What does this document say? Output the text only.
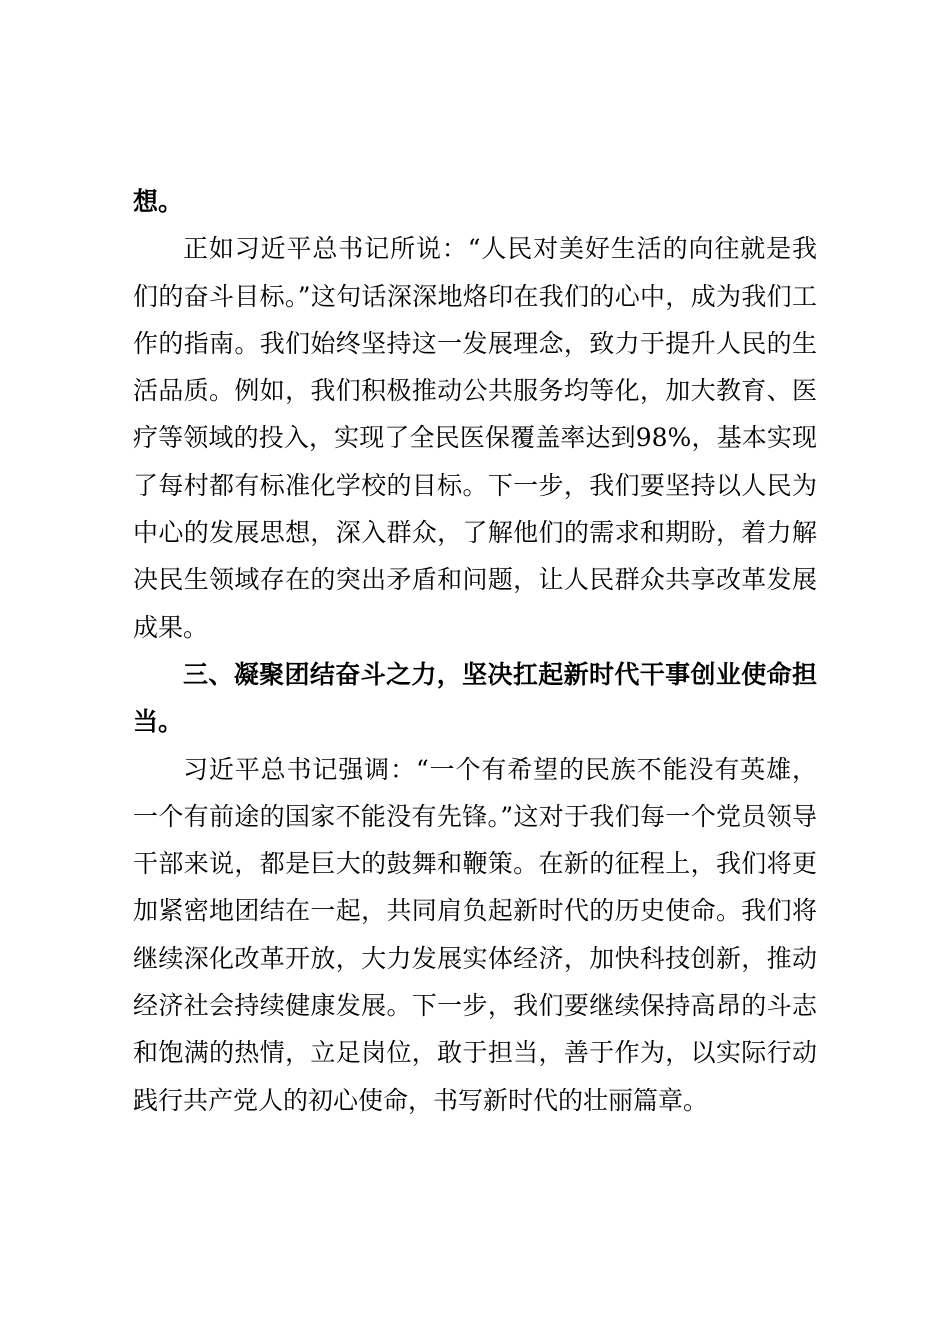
想。

正如习近平总书记所说：“人民对美好生活的向往就是我们的奋斗目标。”这句话深深地烙印在我们的心中，成为我们工作的指南。我们始终坚持这一发展理念，致力于提升人民的生活品质。例如，我们积极推动公共服务均等化，加大教育、医疗等领域的投入，实现了全民医保覆盖率达到98%，基本实现了每村都有标准化学校的目标。下一步，我们要坚持以人民为中心的发展思想，深入群众，了解他们的需求和期盼，着力解决民生领域存在的突出矛盾和问题，让人民群众共享改革发展成果。

三、凝聚团结奋斗之力，坚决扛起新时代干事创业使命担当。

习近平总书记强调：“一个有希望的民族不能没有英雄，一个有前途的国家不能没有先锋。”这对于我们每一个党员领导干部来说，都是巨大的鼓舞和鞭策。在新的征程上，我们将更加紧密地团结在一起，共同肩负起新时代的历史使命。我们将继续深化改革开放，大力发展实体经济，加快科技创新，推动经济社会持续健康发展。下一步，我们要继续保持高昂的斗志和饱满的热情，立足岗位，敢于担当，善于作为，以实际行动践行共产党人的初心使命，书写新时代的壮丽篇章。
